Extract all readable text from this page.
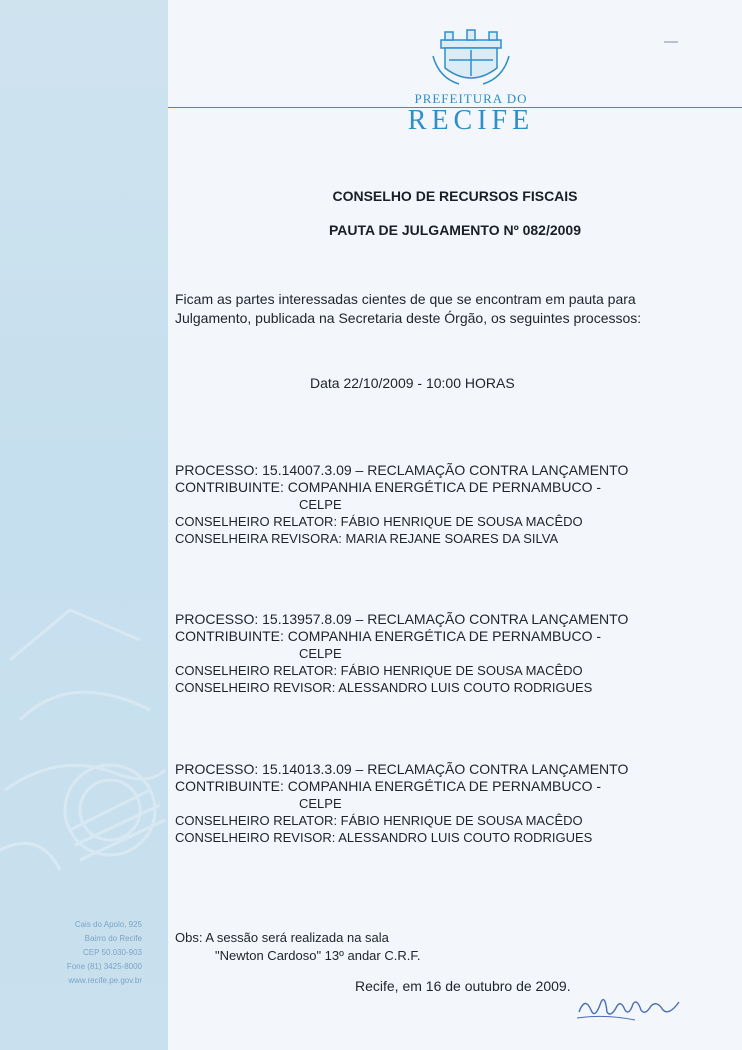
Cais do Apolo, 925
Bairro do Recife
CEP 50.030-903
Fone (81) 3425-8000
www.recife.pe.gov.br
PREFEITURA DO
RECIFE
CONSELHO DE RECURSOS FISCAIS
PAUTA DE JULGAMENTO Nº 082/2009
Ficam as partes interessadas cientes de que se encontram em pauta para
Julgamento, publicada na Secretaria deste Órgão, os seguintes processos:
Data 22/10/2009 - 10:00 HORAS
PROCESSO: 15.14007.3.09 – RECLAMAÇÃO CONTRA LANÇAMENTO
CONTRIBUINTE: COMPANHIA ENERGÉTICA DE PERNAMBUCO -
CELPE
CONSELHEIRO RELATOR: FÁBIO HENRIQUE DE SOUSA MACÊDO
CONSELHEIRA REVISORA: MARIA REJANE SOARES DA SILVA
PROCESSO: 15.13957.8.09 – RECLAMAÇÃO CONTRA LANÇAMENTO
CONTRIBUINTE: COMPANHIA ENERGÉTICA DE PERNAMBUCO -
CELPE
CONSELHEIRO RELATOR: FÁBIO HENRIQUE DE SOUSA MACÊDO
CONSELHEIRO REVISOR: ALESSANDRO LUIS COUTO RODRIGUES
PROCESSO: 15.14013.3.09 – RECLAMAÇÃO CONTRA LANÇAMENTO
CONTRIBUINTE: COMPANHIA ENERGÉTICA DE PERNAMBUCO -
CELPE
CONSELHEIRO RELATOR: FÁBIO HENRIQUE DE SOUSA MACÊDO
CONSELHEIRO REVISOR: ALESSANDRO LUIS COUTO RODRIGUES
Obs: A sessão será realizada na sala
"Newton Cardoso" 13º andar C.R.F.
Recife, em 16 de outubro de 2009.
